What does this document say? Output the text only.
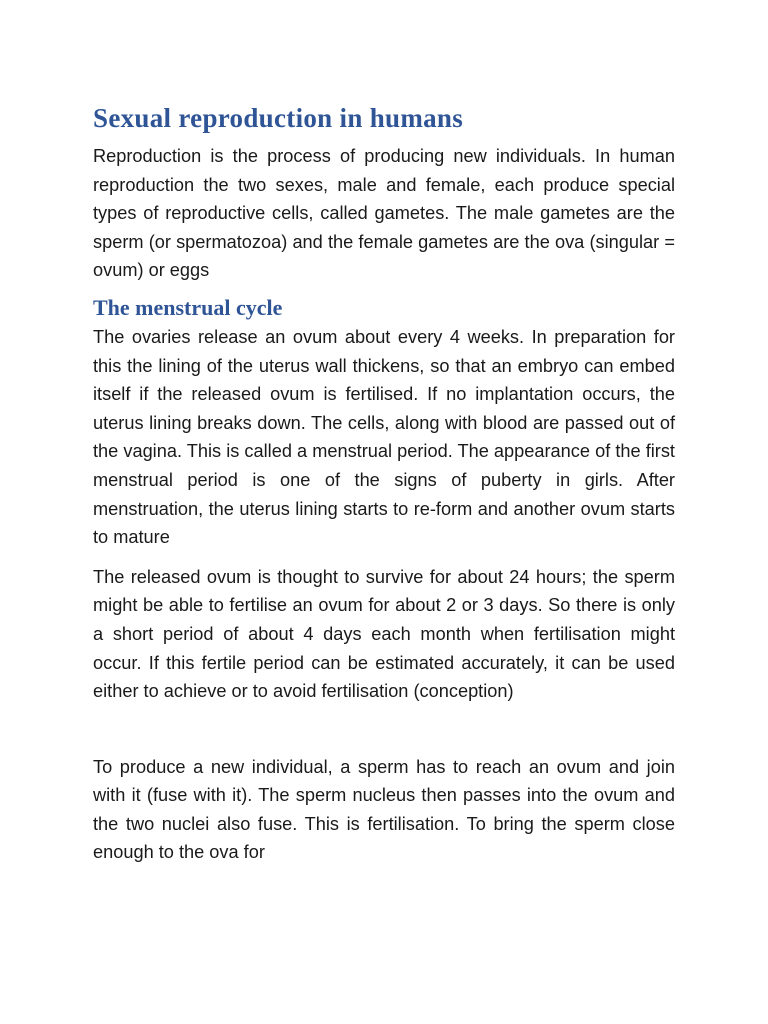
Sexual reproduction in humans

Reproduction is the process of producing new individuals. In human reproduction the two sexes, male and female, each produce special types of reproductive cells, called gametes. The male gametes are the sperm (or spermatozoa) and the female gametes are the ova (singular = ovum) or eggs

The menstrual cycle

The ovaries release an ovum about every 4 weeks. In preparation for this the lining of the uterus wall thickens, so that an embryo can embed itself if the released ovum is fertilised. If no implantation occurs, the uterus lining breaks down. The cells, along with blood are passed out of the vagina. This is called a menstrual period. The appearance of the first menstrual period is one of the signs of puberty in girls. After menstruation, the uterus lining starts to re-form and another ovum starts to mature

The released ovum is thought to survive for about 24 hours; the sperm might be able to fertilise an ovum for about 2 or 3 days. So there is only a short period of about 4 days each month when fertilisation might occur. If this fertile period can be estimated accurately, it can be used either to achieve or to avoid fertilisation (conception)

To produce a new individual, a sperm has to reach an ovum and join with it (fuse with it). The sperm nucleus then passes into the ovum and the two nuclei also fuse. This is fertilisation. To bring the sperm close enough to the ova for
